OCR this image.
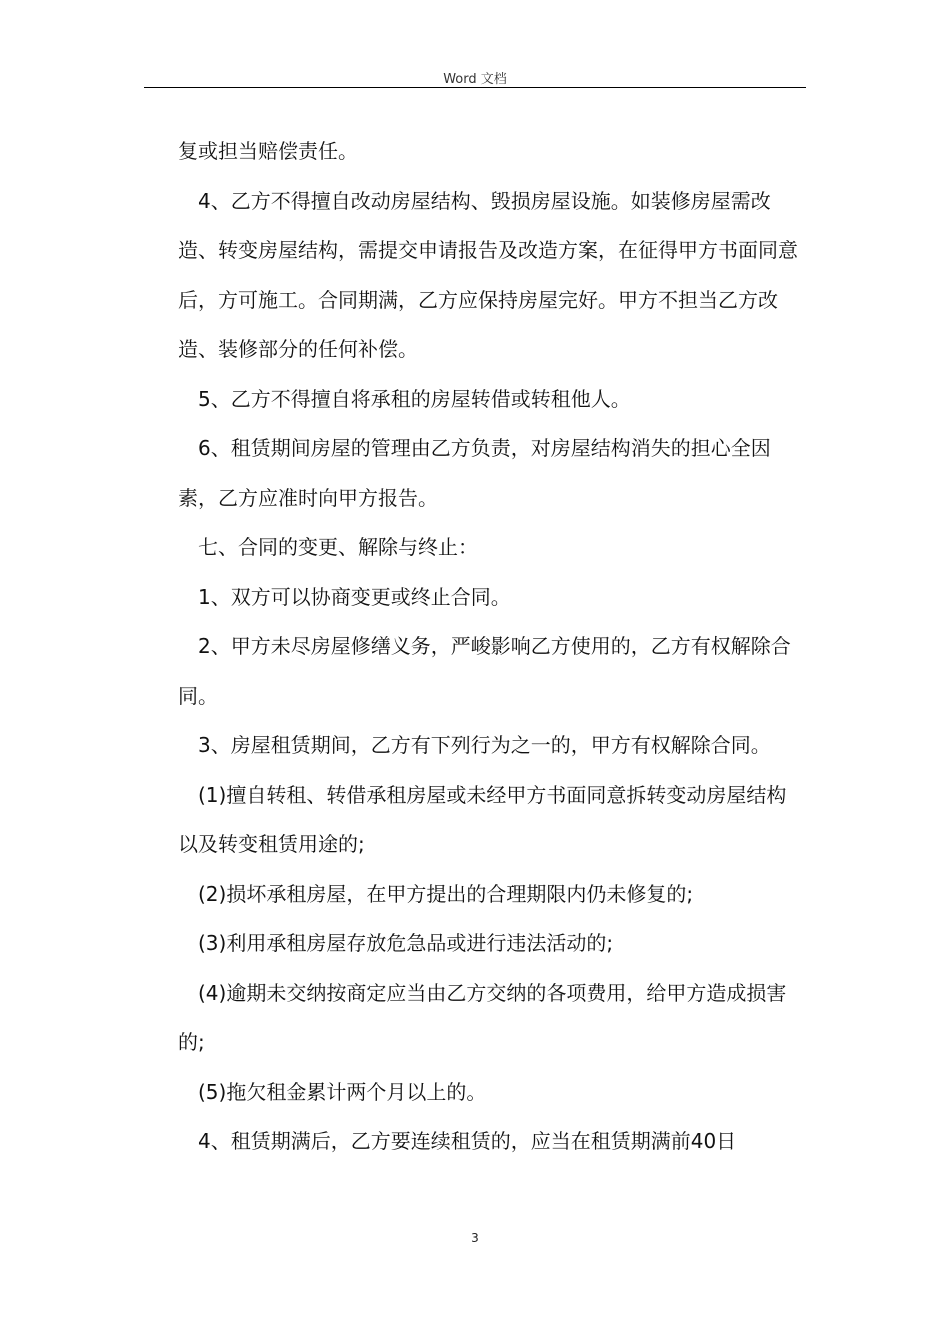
Word 文档

复或担当赔偿责任。

4、乙方不得擅自改动房屋结构、毁损房屋设施。如装修房屋需改造、转变房屋结构，需提交申请报告及改造方案，在征得甲方书面同意后，方可施工。合同期满，乙方应保持房屋完好。甲方不担当乙方改造、装修部分的任何补偿。

5、乙方不得擅自将承租的房屋转借或转租他人。

6、租赁期间房屋的管理由乙方负责，对房屋结构消失的担心全因素，乙方应准时向甲方报告。

七、合同的变更、解除与终止：

1、双方可以协商变更或终止合同。

2、甲方未尽房屋修缮义务，严峻影响乙方使用的，乙方有权解除合同。

3、房屋租赁期间，乙方有下列行为之一的，甲方有权解除合同。

(1)擅自转租、转借承租房屋或未经甲方书面同意拆转变动房屋结构以及转变租赁用途的;

(2)损坏承租房屋，在甲方提出的合理期限内仍未修复的;

(3)利用承租房屋存放危急品或进行违法活动的;

(4)逾期未交纳按商定应当由乙方交纳的各项费用，给甲方造成损害的;

(5)拖欠租金累计两个月以上的。

4、租赁期满后，乙方要连续租赁的，应当在租赁期满前40日

3
